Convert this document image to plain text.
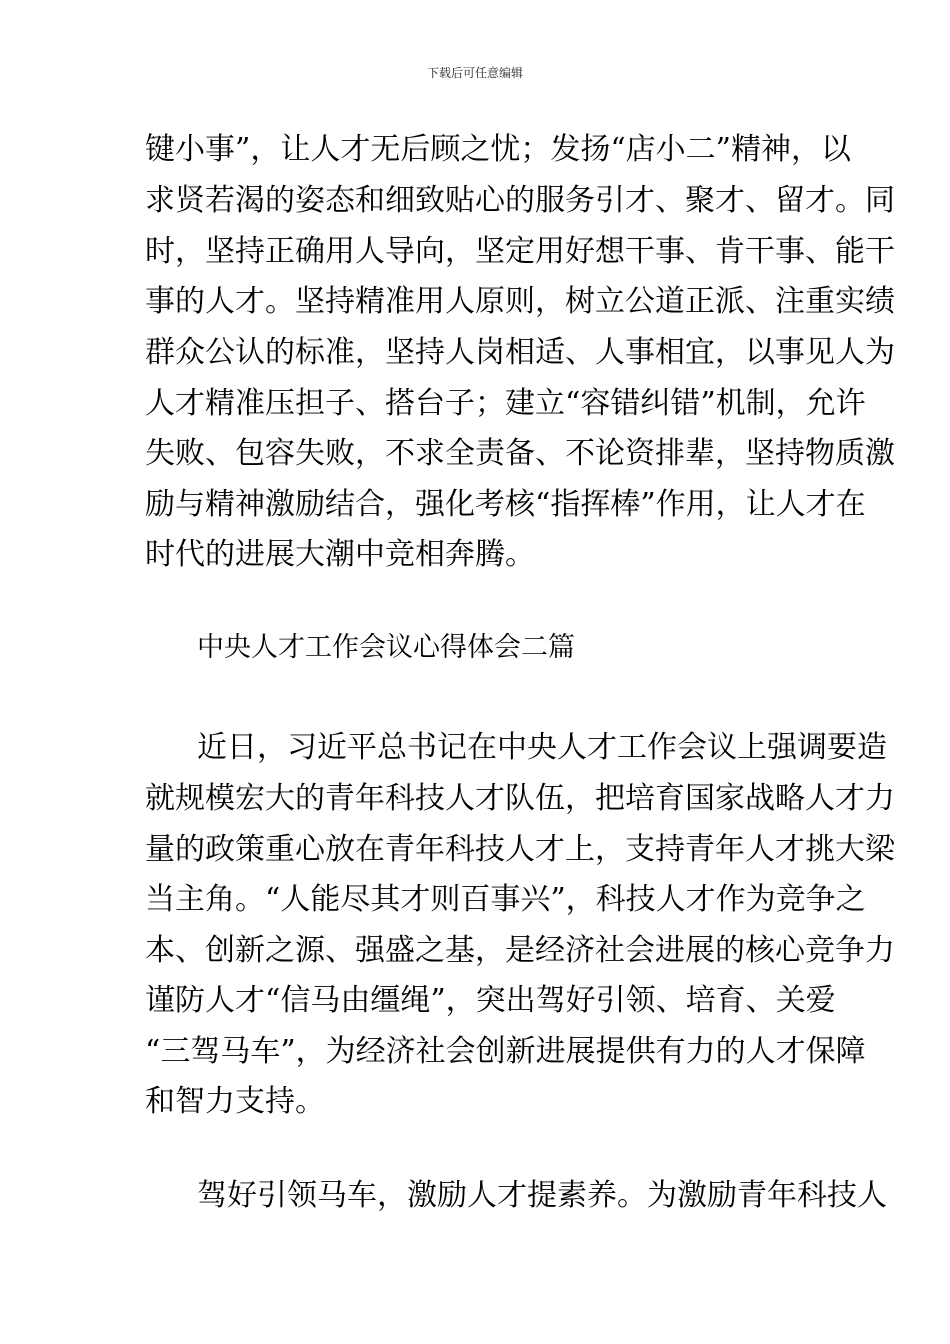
下载后可任意编辑
键小事”，让人才无后顾之忧；发扬“店小二”精神，以
求贤若渴的姿态和细致贴心的服务引才、聚才、留才。同
时，坚持正确用人导向，坚定用好想干事、肯干事、能干
事的人才。坚持精准用人原则，树立公道正派、注重实绩
群众公认的标准，坚持人岗相适、人事相宜，以事见人为
人才精准压担子、搭台子；建立“容错纠错”机制，允许
失败、包容失败，不求全责备、不论资排辈，坚持物质激
励与精神激励结合，强化考核“指挥棒”作用，让人才在
时代的进展大潮中竞相奔腾。
中央人才工作会议心得体会二篇
近日，习近平总书记在中央人才工作会议上强调要造
就规模宏大的青年科技人才队伍，把培育国家战略人才力
量的政策重心放在青年科技人才上，支持青年人才挑大梁
当主角。“人能尽其才则百事兴”，科技人才作为竞争之
本、创新之源、强盛之基，是经济社会进展的核心竞争力
谨防人才“信马由缰绳”，突出驾好引领、培育、关爱
“三驾马车”，为经济社会创新进展提供有力的人才保障
和智力支持。
驾好引领马车，激励人才提素养。为激励青年科技人
